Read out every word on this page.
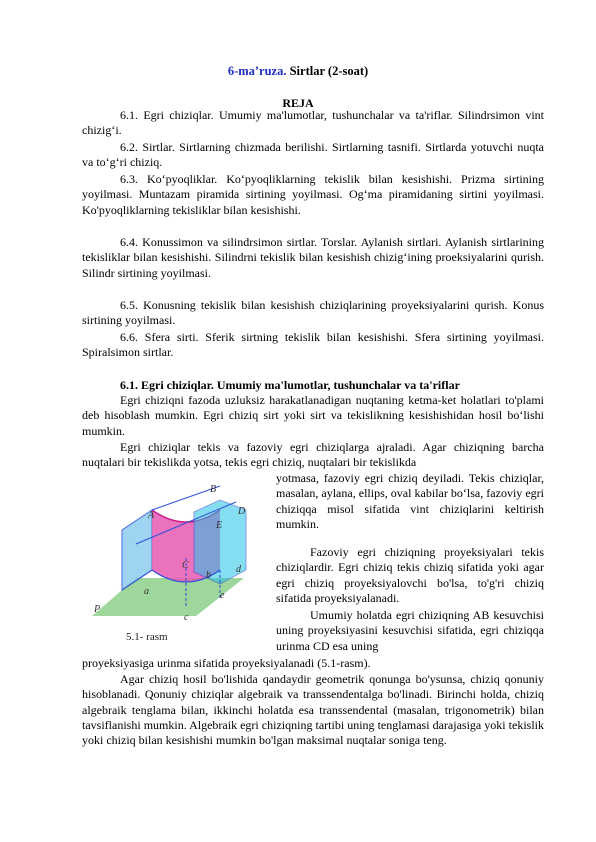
6-ma’ruza. Sirtlar (2-soat)
REJA
6.1. Egri chiziqlar. Umumiy ma'lumotlar, tushunchalar va ta'riflar. Silindrsimon vint chizig‘i.
6.2. Sirtlar. Sirtlarning chizmada berilishi. Sirtlarning tasnifi. Sirtlarda yotuvchi nuqta va to‘g‘ri chiziq.
6.3. Ko‘pyoqliklar. Ko‘pyoqliklarning tekislik bilan kesishishi. Prizma sirtining yoyilmasi. Muntazam piramida sirtining yoyilmasi. Og‘ma piramidaning sirtini yoyilmasi. Ko'pyoqliklarning tekisliklar bilan kesishishi.
6.4. Konussimon va silindrsimon sirtlar. Torslar. Aylanish sirtlari. Aylanish sirtlarining tekisliklar bilan kesishishi. Silindrni tekislik bilan kesishish chizig‘ining proeksiyalarini qurish. Silindr sirtining yoyilmasi.
6.5. Konusning tekislik bilan kesishish chiziqlarining proyeksiyalarini qurish. Konus sirtining yoyilmasi.
6.6. Sfera sirti. Sferik sirtning tekislik bilan kesishishi. Sfera sirtining yoyilmasi. Spiralsimon sirtlar.
6.1. Egri chiziqlar. Umumiy ma'lumotlar, tushunchalar va ta'riflar
Egri chiziqni fazoda uzluksiz harakatlanadigan nuqtaning ketma-ket holatlari to'plami deb hisoblash mumkin. Egri chiziq sirt yoki sirt va tekislikning kesishishidan hosil bo‘lishi mumkin.
Egri chiziqlar tekis va fazoviy egri chiziqlarga ajraladi. Agar chiziqning barcha nuqtalari bir tekislikda yotsa, tekis egri chiziq, nuqtalari bir tekislikda
B
A	D
E
C
b
d
a	e
c
P
5.1- rasm
yotmasa, fazoviy egri chiziq deyiladi. Tekis chiziqlar, masalan, aylana, ellips, oval kabilar bo‘lsa, fazoviy egri chiziqqa misol sifatida vint chiziqlarini keltirish mumkin.
Fazoviy egri chiziqning proyeksiyalari tekis chiziqlardir. Egri chiziq tekis chiziq sifatida yoki agar egri chiziq proyeksiyalovchi bo'lsa, to'g'ri chiziq sifatida proyeksiyalanadi.
Umumiy holatda egri chiziqning AB kesuvchisi uning proyeksiyasini kesuvchisi sifatida, egri chiziqqa urinma CD esa uning
proyeksiyasiga urinma sifatida proyeksiyalanadi (5.1-rasm).
Agar chiziq hosil bo'lishida qandaydir geometrik qonunga bo'ysunsa, chiziq qonuniy hisoblanadi. Qonuniy chiziqlar algebraik va transsendentalga bo'linadi. Birinchi holda, chiziq algebraik tenglama bilan, ikkinchi holatda esa transsendental (masalan, trigonometrik) bilan tavsiflanishi mumkin. Algebraik egri chiziqning tartibi uning tenglamasi darajasiga yoki tekislik yoki chiziq bilan kesishishi mumkin bo'lgan maksimal nuqtalar soniga teng.
